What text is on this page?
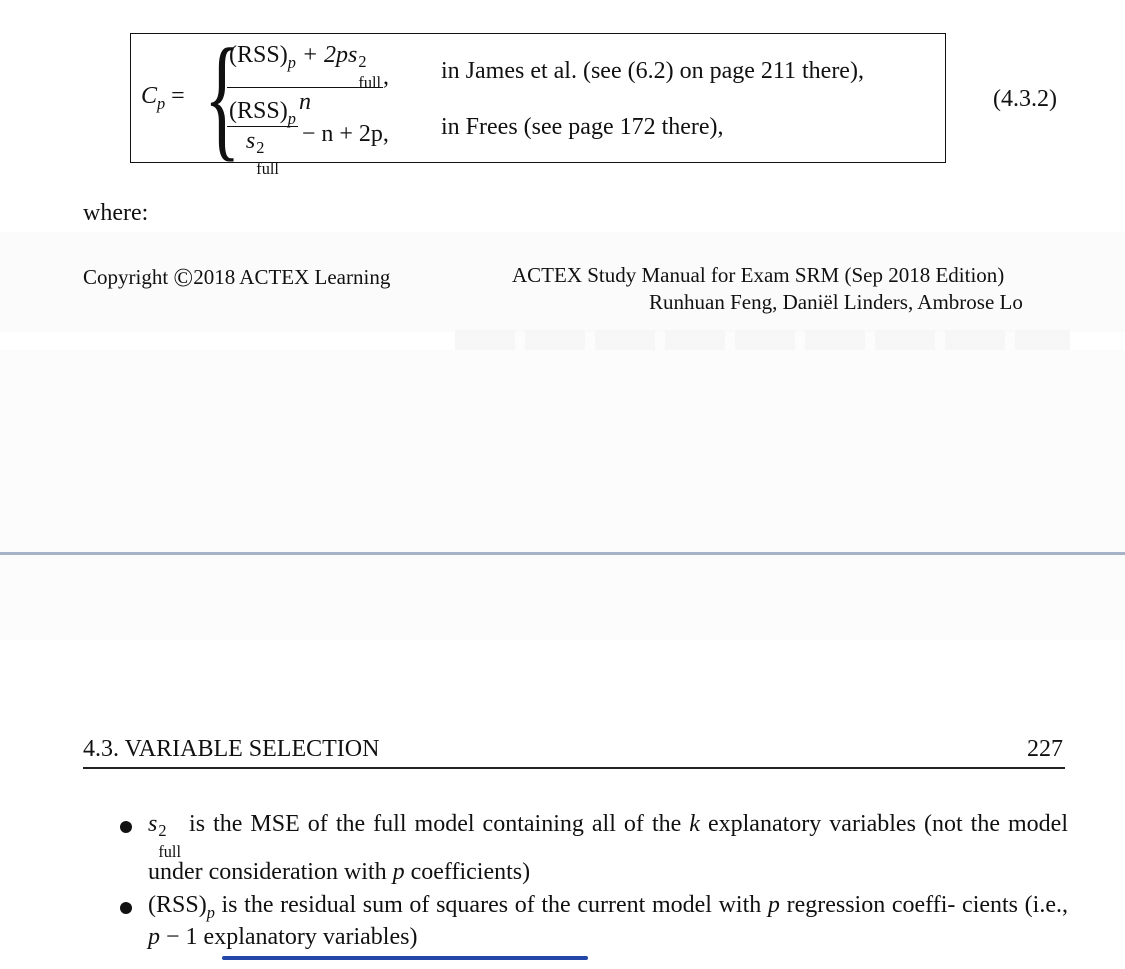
$C_p$ = {
$(RSS)_p + 2ps$ 2
full
n , in James et al. (see (6.2) on page 211 there),
$(RSS)_p$
s 2
full − n + 2p, in Frees (see page 172 there),
(4.3.2)
where:
Copyright ©2018 ACTEX Learning	ACTEX Study Manual for Exam SRM (Sep 2018 Edition)
Runhuan Feng, Daniël Linders, Ambrose Lo
4.3. VARIABLE SELECTION	227
s 2
full
is the MSE of the full model containing all of the k explanatory variables (not the model under consideration with p coefficients)
$(RSS)_p$ is the residual sum of squares of the current model with p regression coeffi- cients (i.e., p − 1 explanatory variables)
